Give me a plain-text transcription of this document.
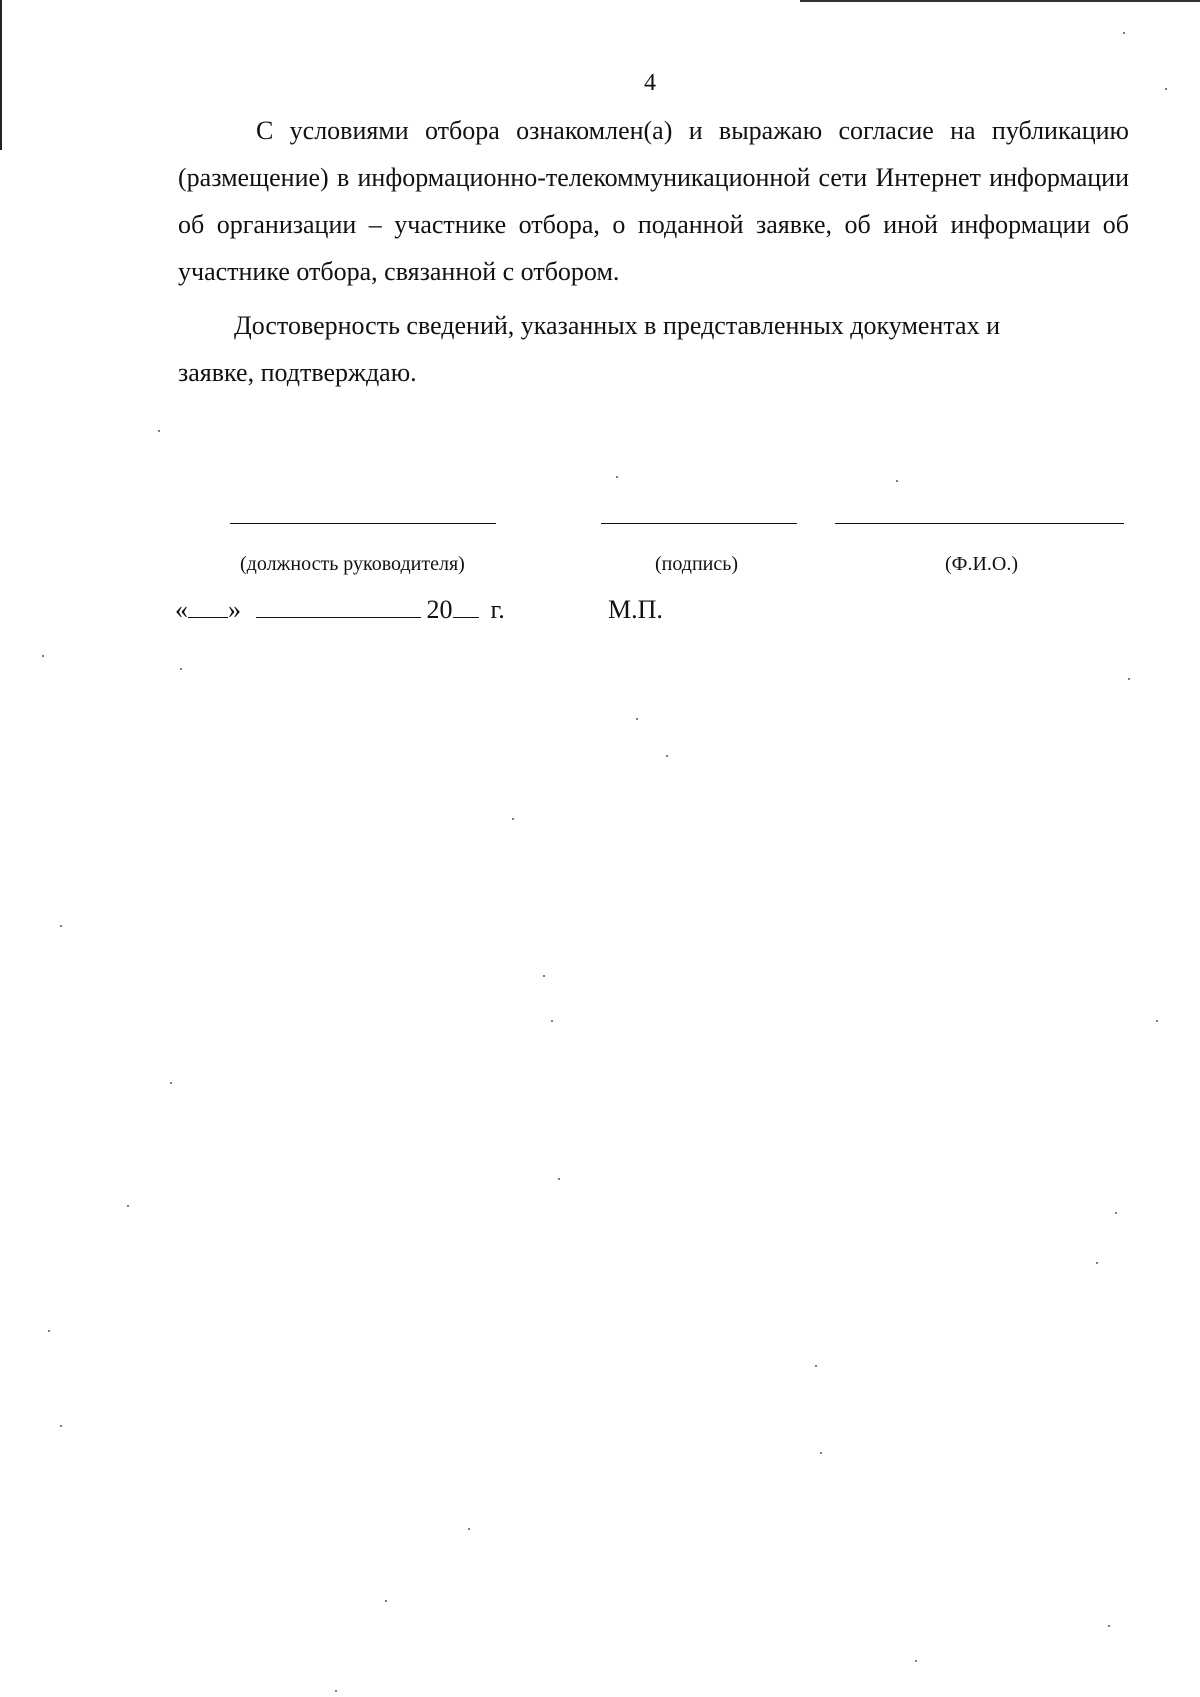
4

С условиями отбора ознакомлен(а) и выражаю согласие на публикацию (размещение) в информационно-телекоммуникационной сети Интернет информации об организации – участнике отбора, о поданной заявке, об иной информации об участнике отбора, связанной с отбором.

Достоверность сведений, указанных в представленных документах и заявке, подтверждаю.

(должность руководителя)	(подпись)	(Ф.И.О.)
« »	20 г.	М.П.
